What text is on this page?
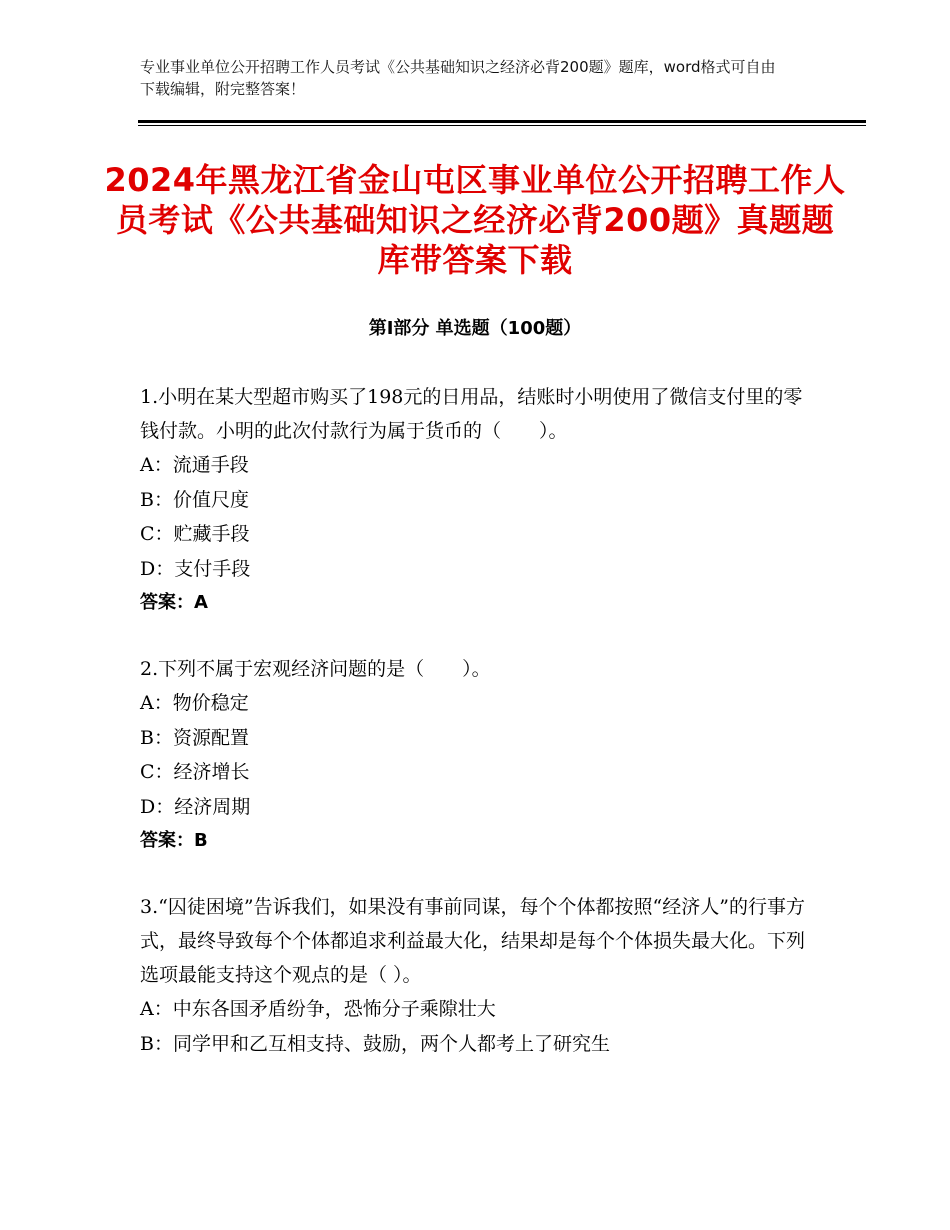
专业事业单位公开招聘工作人员考试《公共基础知识之经济必背200题》题库，word格式可自由下载编辑，附完整答案！
2024年黑龙江省金山屯区事业单位公开招聘工作人员考试《公共基础知识之经济必背200题》真题题库带答案下载
第Ⅰ部分 单选题（100题）
1.小明在某大型超市购买了198元的日用品，结账时小明使用了微信支付里的零钱付款。小明的此次付款行为属于货币的（　　）。
A：流通手段
B：价值尺度
C：贮藏手段
D：支付手段
答案：A
2.下列不属于宏观经济问题的是（　　）。
A：物价稳定
B：资源配置
C：经济增长
D：经济周期
答案：B
3.“囚徒困境”告诉我们，如果没有事前同谋，每个个体都按照“经济人”的行事方式，最终导致每个个体都追求利益最大化，结果却是每个个体损失最大化。下列选项最能支持这个观点的是（ ）。
A：中东各国矛盾纷争，恐怖分子乘隙壮大
B：同学甲和乙互相支持、鼓励，两个人都考上了研究生
